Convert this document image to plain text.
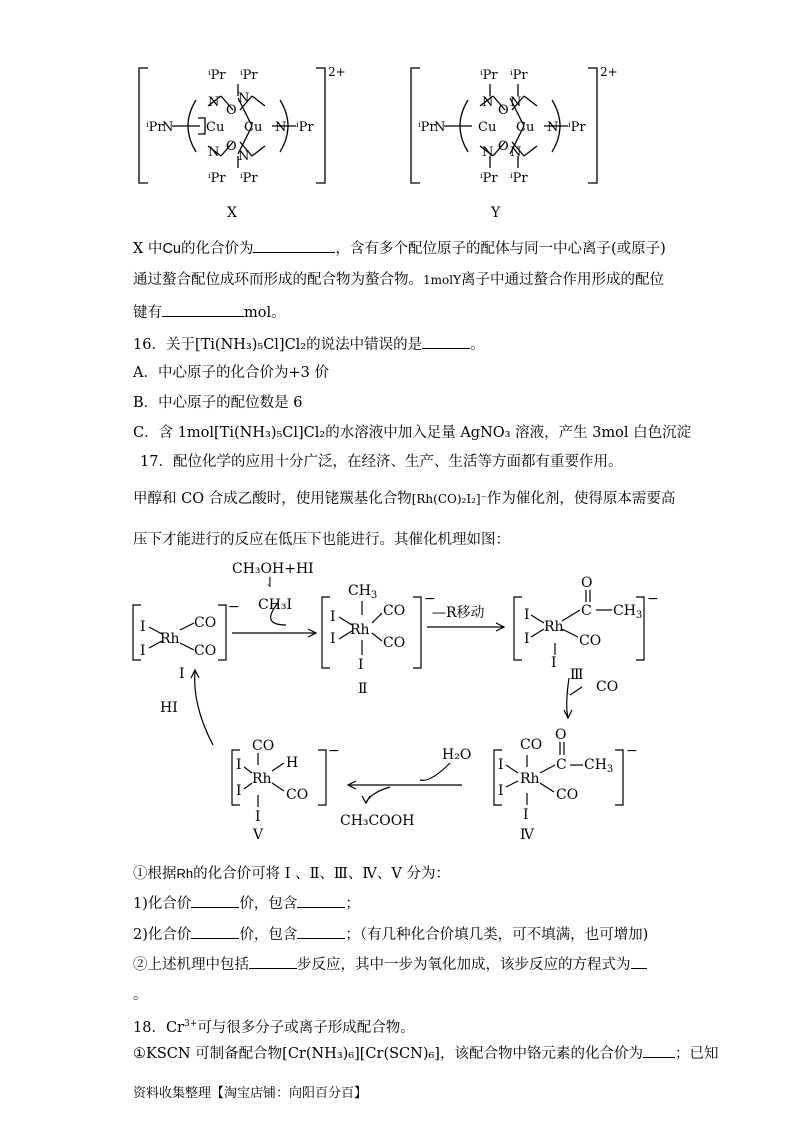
Cu Cu
N	N
N
N
N
N
O
O
ⁱPr ⁱPr
ⁱPr	ⁱPr
ⁱPr ⁱPr
2+
Cu Cu
N	N
N
N
N
N
O
O
ⁱPr ⁱPr
ⁱPr	ⁱPr
ⁱPr ⁱPr
2+
X	Y
X 中Cu的化合价为	，含有多个配位原子的配体与同一中心离子(或原子)
通过螯合配位成环而形成的配合物为螯合物。1molY离子中通过螯合作用形成的配位
键有	mol。
16．关于[Ti(NH₃)₅Cl]Cl₂的说法中错误的是	。
A．中心原子的化合价为+3 价
B．中心原子的配位数是 6
C．含 1mol[Ti(NH₃)₅Cl]Cl₂的水溶液中加入足量 AgNO₃ 溶液，产生 3mol 白色沉淀
17．配位化学的应用十分广泛，在经济、生产、生活等方面都有重要作用。
甲醇和 CO 合成乙酸时，使用铑羰基化合物[Rh(CO)₂I₂]⁻作为催化剂，使得原本需要高
压下才能进行的反应在低压下也能进行。其催化机理如图：
I
I
Rh
CO
CO
−
Ⅰ
CH₃OH+HI
⇃
CH₃I
$CH_3$
I
I
Rh
CO
CO
I
−
Ⅱ
—R移动
O
I
I
Rh
C $CH_3$
CO
I
−
Ⅲ
CO
CO
O
I
I
Rh
C $CH_3$
CO
I
−
Ⅳ
H₂O
CH₃COOH
CO
I
I
Rh
H
CO
I
−
Ⅴ
HI
①根据Rh的化合价可将 Ⅰ 、Ⅱ、Ⅲ、Ⅳ、Ⅴ 分为：
1)化合价	价，包含	；
2)化合价	价，包含	；（有几种化合价填几类，可不填满，也可增加)
②上述机理中包括	步反应，其中一步为氧化加成，该步反应的方程式为
。
18．$Cr^{3+}$可与很多分子或离子形成配合物。
①KSCN 可制备配合物[Cr(NH₃)₆][Cr(SCN)₆]，该配合物中铬元素的化合价为 ；已知
资料收集整理【淘宝店铺：向阳百分百】
